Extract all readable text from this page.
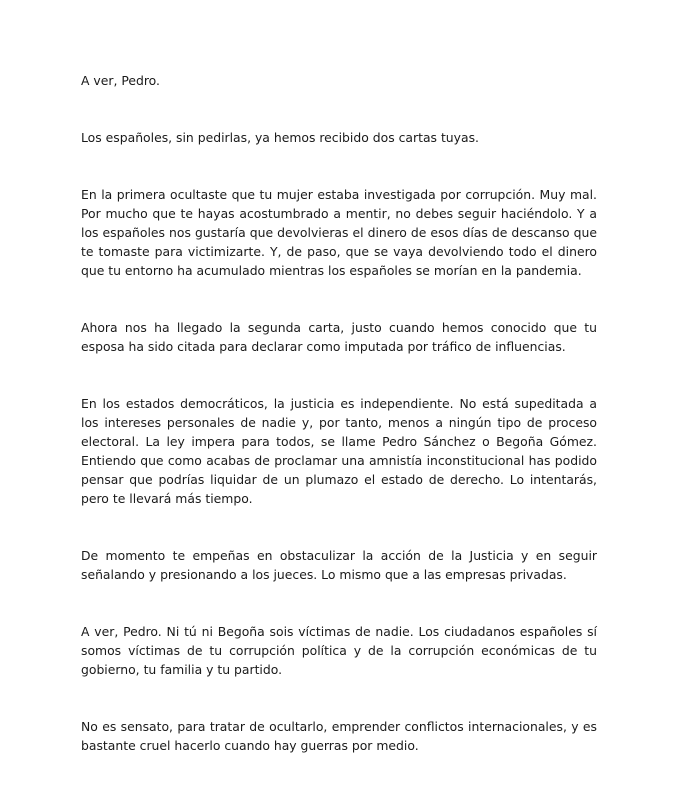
A ver, Pedro.

Los españoles, sin pedirlas, ya hemos recibido dos cartas tuyas.

En la primera ocultaste que tu mujer estaba investigada por corrupción. Muy mal. Por mucho que te hayas acostumbrado a mentir, no debes seguir haciéndolo. Y a los españoles nos gustaría que devolvieras el dinero de esos días de descanso que te tomaste para victimizarte. Y, de paso, que se vaya devolviendo todo el dinero que tu entorno ha acumulado mientras los españoles se morían en la pandemia.

Ahora nos ha llegado la segunda carta, justo cuando hemos conocido que tu esposa ha sido citada para declarar como imputada por tráfico de influencias.

En los estados democráticos, la justicia es independiente. No está supeditada a los intereses personales de nadie y, por tanto, menos a ningún tipo de proceso electoral. La ley impera para todos, se llame Pedro Sánchez o Begoña Gómez. Entiendo que como acabas de proclamar una amnistía inconstitucional has podido pensar que podrías liquidar de un plumazo el estado de derecho. Lo intentarás, pero te llevará más tiempo.

De momento te empeñas en obstaculizar la acción de la Justicia y en seguir señalando y presionando a los jueces. Lo mismo que a las empresas privadas.

A ver, Pedro. Ni tú ni Begoña sois víctimas de nadie. Los ciudadanos españoles sí somos víctimas de tu corrupción política y de la corrupción económicas de tu gobierno, tu familia y tu partido.

No es sensato, para tratar de ocultarlo, emprender conflictos internacionales, y es bastante cruel hacerlo cuando hay guerras por medio.
